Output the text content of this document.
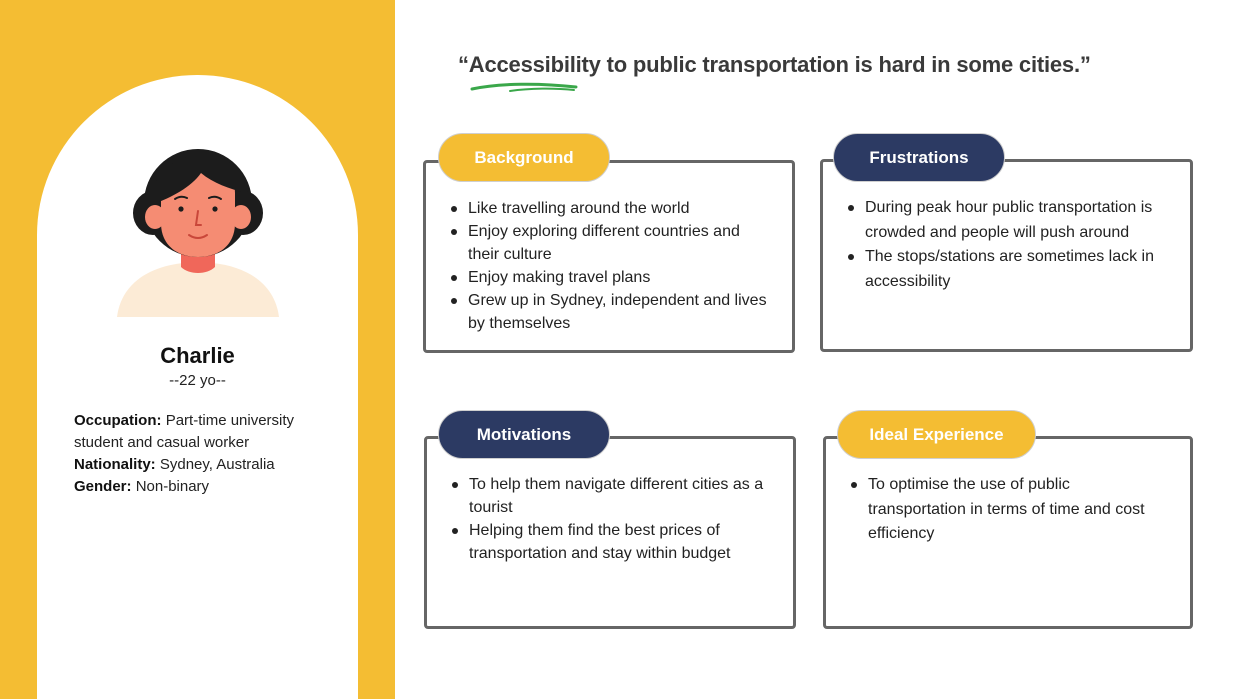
Charlie
--22 yo--
Occupation: Part-time university student and casual worker
Nationality: Sydney, Australia
Gender: Non-binary
“Accessibility to public transportation is hard in some cities.”
Like travelling around the world
Enjoy exploring different countries and their culture
Enjoy making travel plans
Grew up in Sydney, independent and lives by themselves
Background
During peak hour public transportation is crowded and people will push around
The stops/stations are sometimes lack in accessibility
Frustrations
To help them navigate different cities as a tourist
Helping them find the best prices of transportation and stay within budget
Motivations
To optimise the use of public transportation in terms of time and cost efficiency
Ideal Experience
